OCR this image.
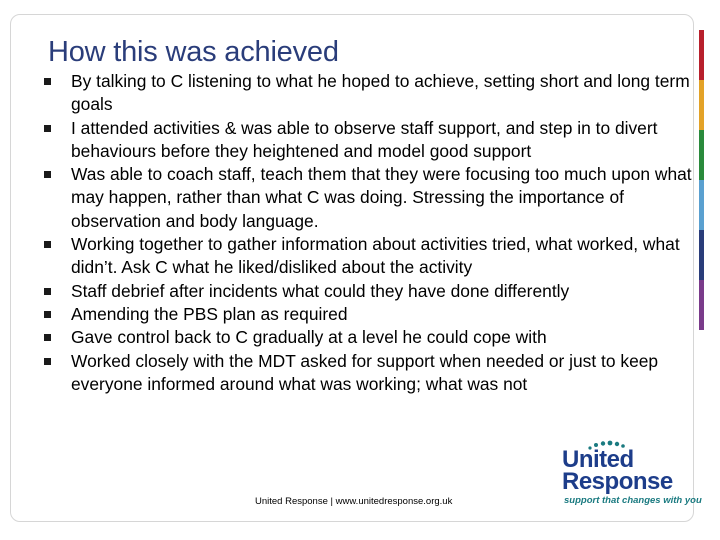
How this was achieved
By talking to C listening to what he hoped to achieve, setting short and long term goals
I attended activities & was able to observe staff support, and step in to divert behaviours before they heightened and model good support
Was able to coach staff, teach them that they were focusing too much upon what may happen, rather than what C was doing. Stressing the importance of observation and body language.
Working together to gather information about activities tried, what worked, what didn’t. Ask C what he liked/disliked about the activity
Staff debrief after incidents what could they have done differently
Amending the PBS plan as required
Gave control back to C gradually at a level he could cope with
Worked closely with the MDT asked for support when needed or just to keep everyone informed around what was working; what was not
United
Response
support that changes with you
United Response | www.unitedresponse.org.uk
